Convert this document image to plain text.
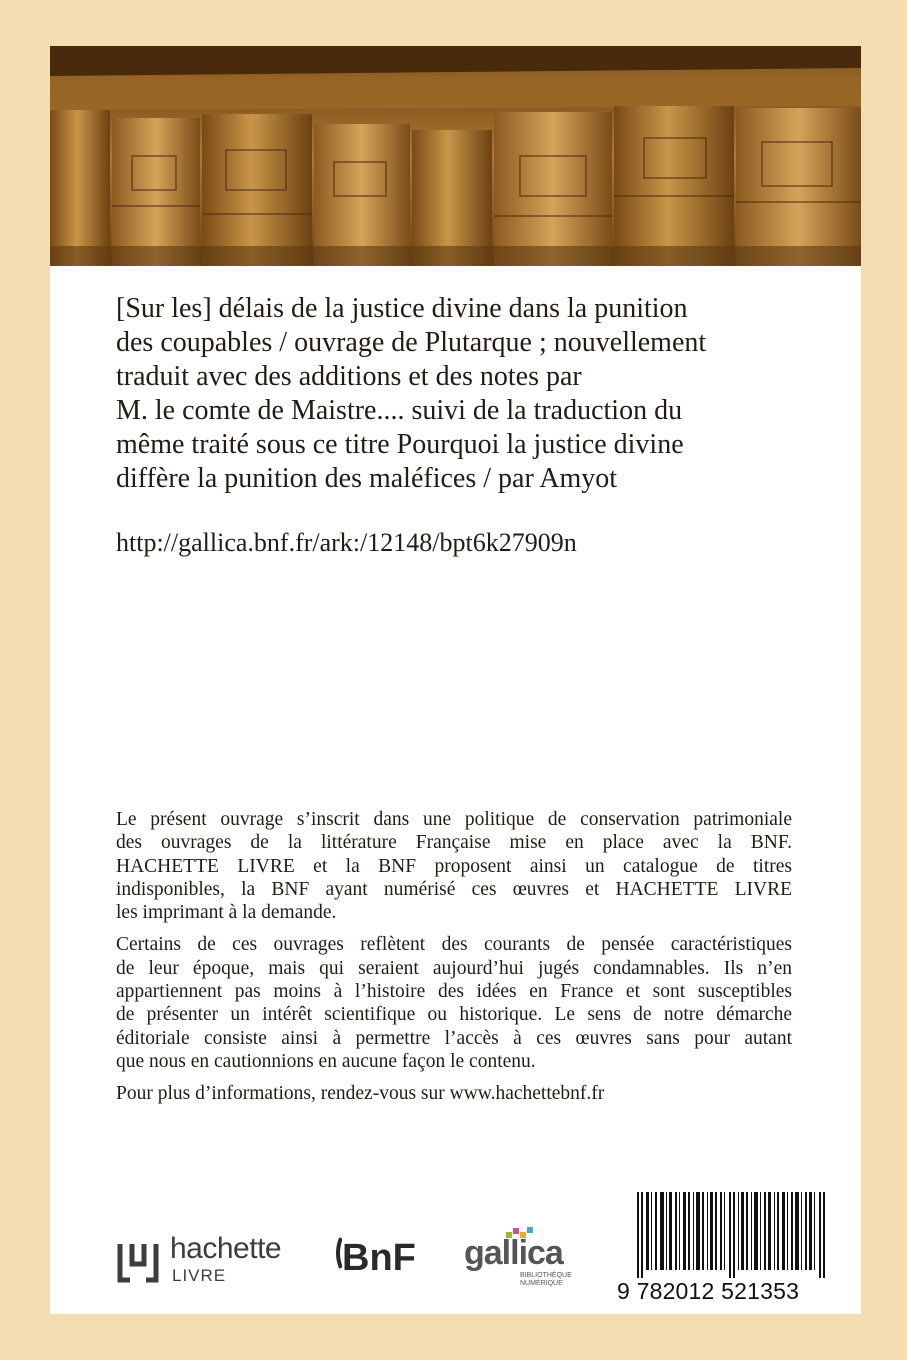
[Sur les] délais de la justice divine dans la punition
des coupables / ouvrage de Plutarque ; nouvellement
traduit avec des additions et des notes par
M. le comte de Maistre.... suivi de la traduction du
même traité sous ce titre Pourquoi la justice divine
diffère la punition des maléfices / par Amyot
http://gallica.bnf.fr/ark:/12148/bpt6k27909n
Le présent ouvrage s’inscrit dans une politique de conservation patrimoniale
des ouvrages de la littérature Française mise en place avec la BNF.
HACHETTE LIVRE et la BNF proposent ainsi un catalogue de titres
indisponibles, la BNF ayant numérisé ces œuvres et HACHETTE LIVRE
les imprimant à la demande.
Certains de ces ouvrages reflètent des courants de pensée caractéristiques
de leur époque, mais qui seraient aujourd’hui jugés condamnables. Ils n’en
appartiennent pas moins à l’histoire des idées en France et sont susceptibles
de présenter un intérêt scientifique ou historique. Le sens de notre démarche
éditoriale consiste ainsi à permettre l’accès à ces œuvres sans pour autant
que nous en cautionnions en aucune façon le contenu.
Pour plus d’informations, rendez-vous sur www.hachettebnf.fr
hachette
LIVRE	BnF gallica
BIBLIOTHÈQUE
NUMÉRIQUE	9 782012 521353
